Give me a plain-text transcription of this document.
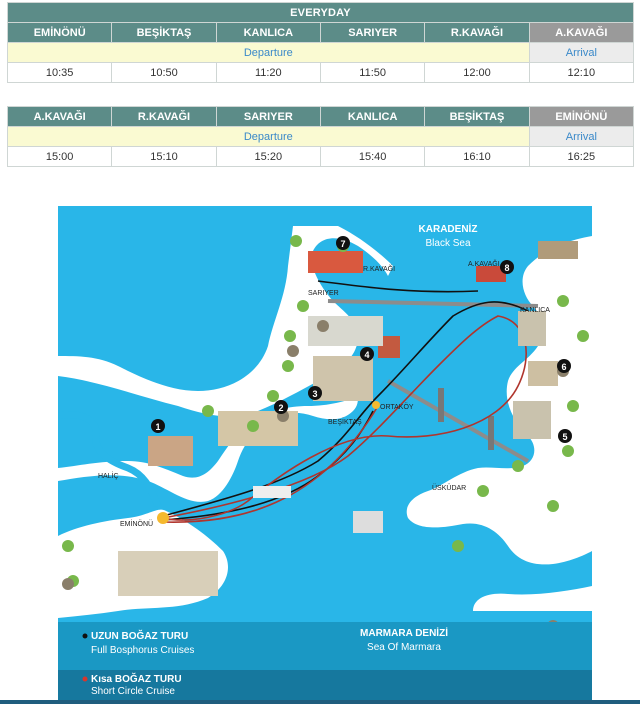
EVERYDAY					
EMİNÖNÜ	BEŞİKTAŞ	KANLICA	SARIYER	R.KAVAĞI	A.KAVAĞI
Departure					Arrival
10:35	10:50	11:20	11:50	12:00	12:10
A.KAVAĞI	R.KAVAĞI	SARIYER	KANLICA	BEŞİKTAŞ	EMİNÖNÜ
Departure					Arrival
15:00	15:10	15:20	15:40	16:10	16:25
1
2
3
4
5
6
7
8
KARADENİZ
Black Sea
MARMARA DENİZİ
Sea Of Marmara
A.KAVAĞI
R.KAVAĞI
SARIYER
KANLICA
ORTAKÖY
BEŞİKTAŞ
ÜSKÜDAR
HALİÇ
EMİNÖNÜ
UZUN BOĞAZ TURU
Full Bosphorus Cruises
Kısa BOĞAZ TURU
Short Circle Cruise
